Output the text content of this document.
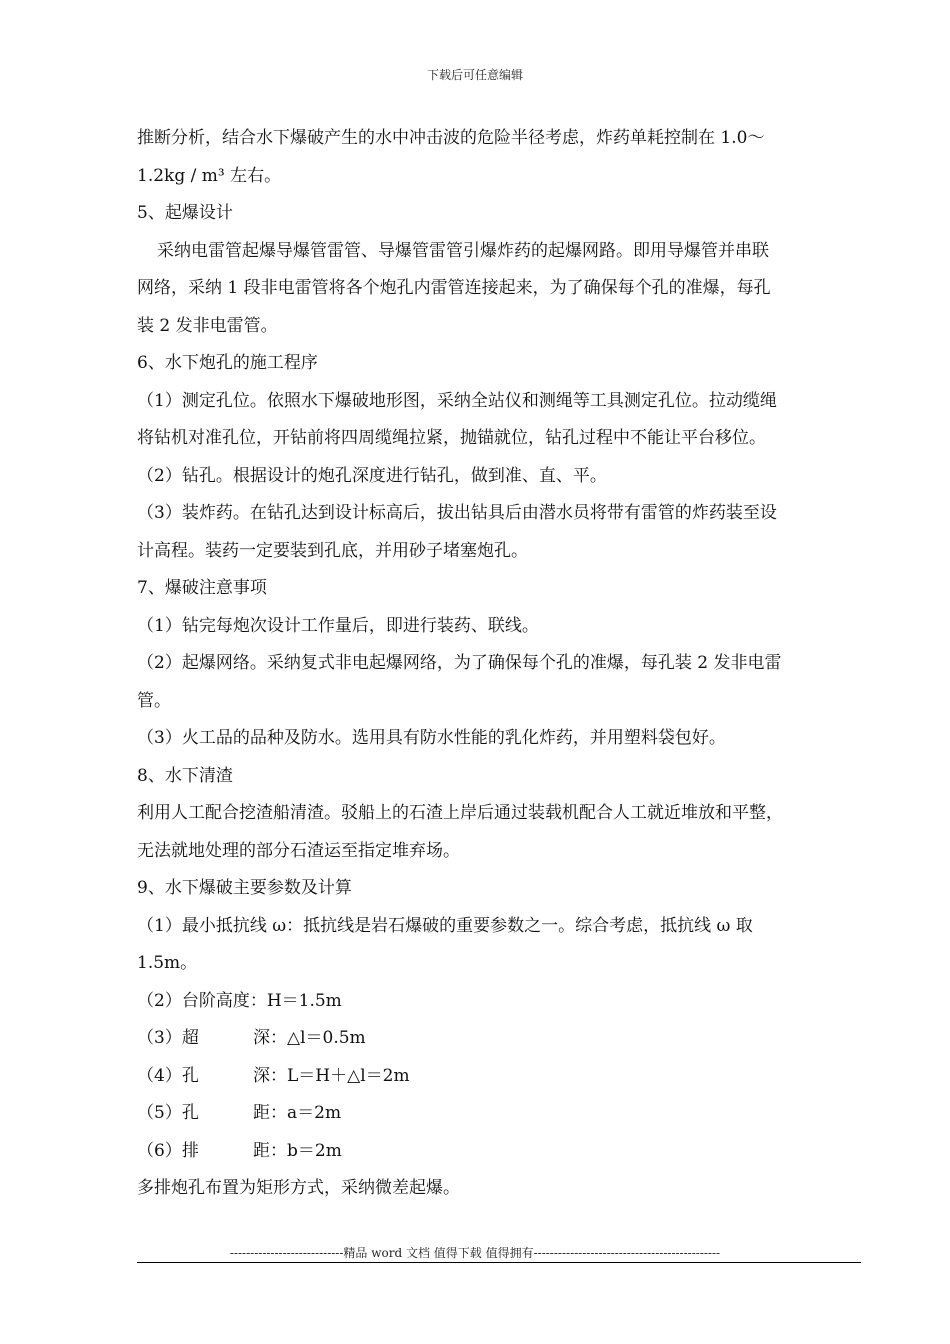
下载后可任意编辑

推断分析，结合水下爆破产生的水中冲击波的危险半径考虑，炸药单耗控制在 1.0～

1.2kg / m³ 左右。

5、起爆设计

采纳电雷管起爆导爆管雷管、导爆管雷管引爆炸药的起爆网路。即用导爆管并串联

网络，采纳 1 段非电雷管将各个炮孔内雷管连接起来，为了确保每个孔的准爆，每孔

装 2 发非电雷管。

6、水下炮孔的施工程序

（1）测定孔位。依照水下爆破地形图，采纳全站仪和测绳等工具测定孔位。拉动缆绳

将钻机对准孔位，开钻前将四周缆绳拉紧，抛锚就位，钻孔过程中不能让平台移位。

（2）钻孔。根据设计的炮孔深度进行钻孔，做到准、直、平。

（3）装炸药。在钻孔达到设计标高后，拔出钻具后由潜水员将带有雷管的炸药装至设

计高程。装药一定要装到孔底，并用砂子堵塞炮孔。

7、爆破注意事项

（1）钻完每炮次设计工作量后，即进行装药、联线。

（2）起爆网络。采纳复式非电起爆网络，为了确保每个孔的准爆，每孔装 2 发非电雷

管。

（3）火工品的品种及防水。选用具有防水性能的乳化炸药，并用塑料袋包好。

8、水下清渣

利用人工配合挖渣船清渣。驳船上的石渣上岸后通过装载机配合人工就近堆放和平整，

无法就地处理的部分石渣运至指定堆弃场。

9、水下爆破主要参数及计算

（1）最小抵抗线 ω：抵抗线是岩石爆破的重要参数之一。综合考虑，抵抗线 ω 取

1.5m。

（2）台阶高度：H＝1.5m

（3）超	深：△l＝0.5m

（4）孔	深：L＝H＋△l＝2m

（5）孔	距：a＝2m

（6）排	距：b＝2m

多排炮孔布置为矩形方式，采纳微差起爆。

----------------------------精品 word 文档 值得下载 值得拥有----------------------------------------------
